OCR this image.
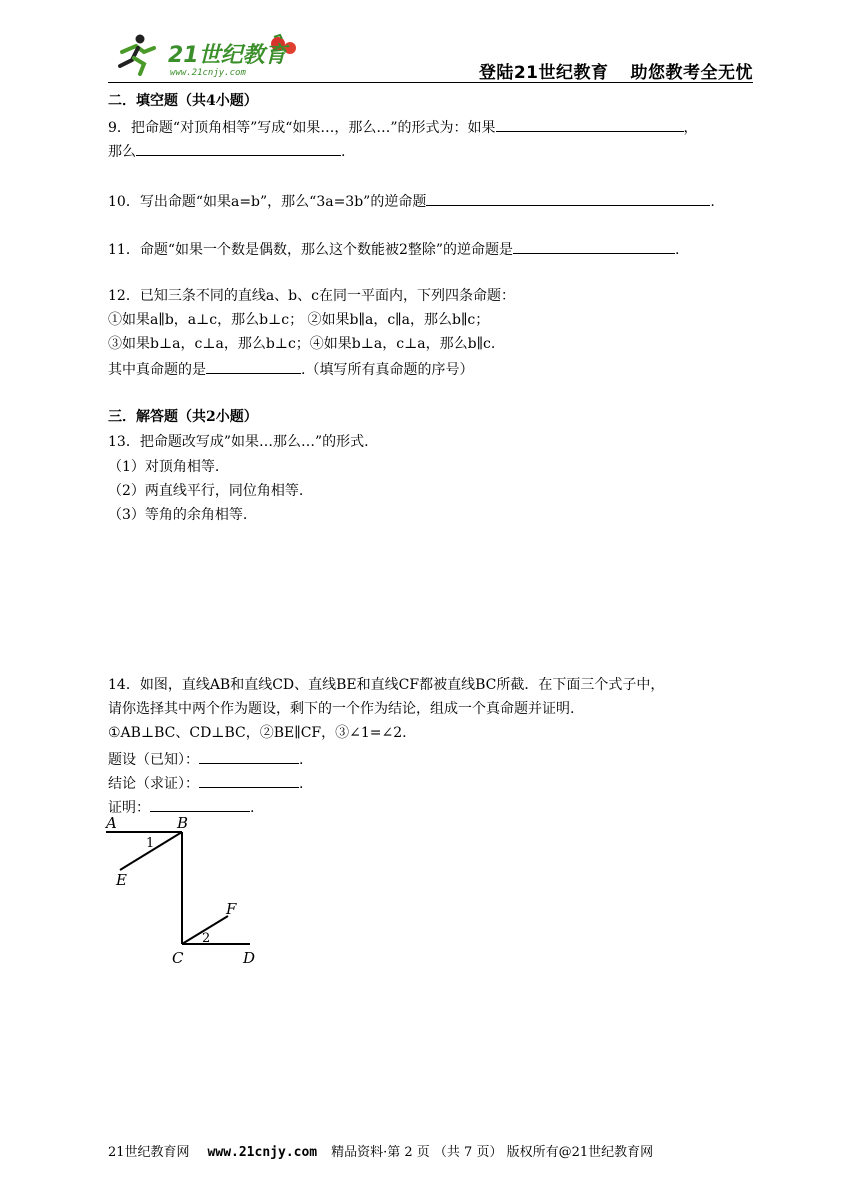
21世纪教育
www.21cnjy.com	登陆21世纪教育 助您教考全无忧
二．填空题（共4小题）
9．把命题“对顶角相等”写成“如果…，那么…”的形式为：如果	，
那么	.
10．写出命题“如果a=b”，那么“3a=3b”的逆命题	.
11．命题“如果一个数是偶数，那么这个数能被2整除”的逆命题是	.
12．已知三条不同的直线a、b、c在同一平面内，下列四条命题：
①如果a∥b，a⊥c，那么b⊥c； ②如果b∥a，c∥a，那么b∥c；
③如果b⊥a，c⊥a，那么b⊥c；④如果b⊥a，c⊥a，那么b∥c.
其中真命题的是	.（填写所有真命题的序号）
三．解答题（共2小题）
13．把命题改写成”如果…那么…”的形式.
（1）对顶角相等.
（2）两直线平行，同位角相等.
（3）等角的余角相等.
14．如图，直线AB和直线CD、直线BE和直线CF都被直线BC所截．在下面三个式子中，
请你选择其中两个作为题设，剩下的一个作为结论，组成一个真命题并证明.
①AB⊥BC、CD⊥BC，②BE∥CF，③∠1=∠2.
题设（已知）：	.
结论（求证）：	.
证明：	.
A	B
C	D
E
F
1
2
21世纪教育网 www.21cnjy.com 精品资料·第 2 页 （共 7 页） 版权所有@21世纪教育网
